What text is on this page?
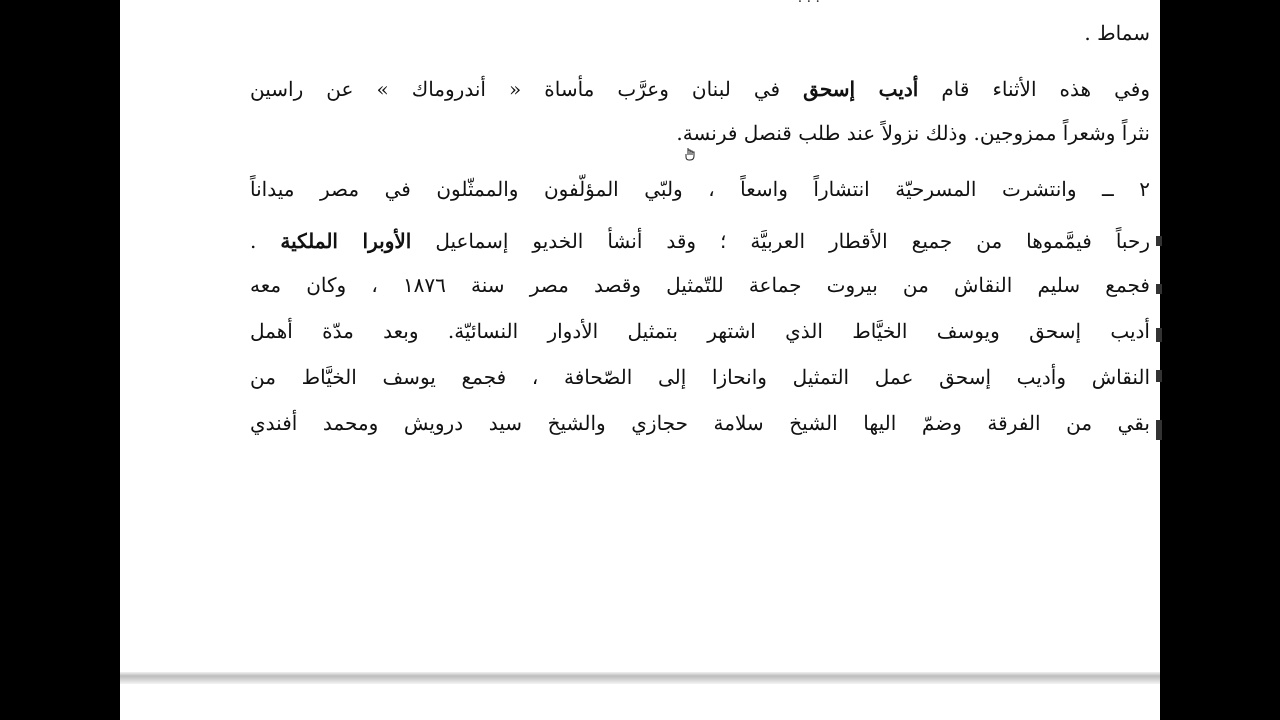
· · ·
سماط .
وفي هذه الأثناء قام أديب إسحق في لبنان وعرَّب مأساة « أندروماك » عن راسين
نثراً وشعراً ممزوجين. وذلك نزولاً عند طلب قنصل فرنسة.
٢ ــ وانتشرت المسرحيّة انتشاراً واسعاً ، ولبّي المؤلّفون والممثّلون في مصر ميداناً
رحباً فيمَّموها من جميع الأقطار العربيَّة ؛ وقد أنشأ الخديو إسماعيل الأوبرا الملكية .
فجمع سليم النقاش من بيروت جماعة للتّمثيل وقصد مصر سنة ١٨٧٦ ، وكان معه
أديب إسحق ويوسف الخيَّاط الذي اشتهر بتمثيل الأدوار النسائيّة. وبعد مدّة أهمل
النقاش وأديب إسحق عمل التمثيل وانحازا إلى الصّحافة ، فجمع يوسف الخيَّاط من
بقي من الفرقة وضمّ اليها الشيخ سلامة حجازي والشيخ سيد درويش ومحمد أفندي
